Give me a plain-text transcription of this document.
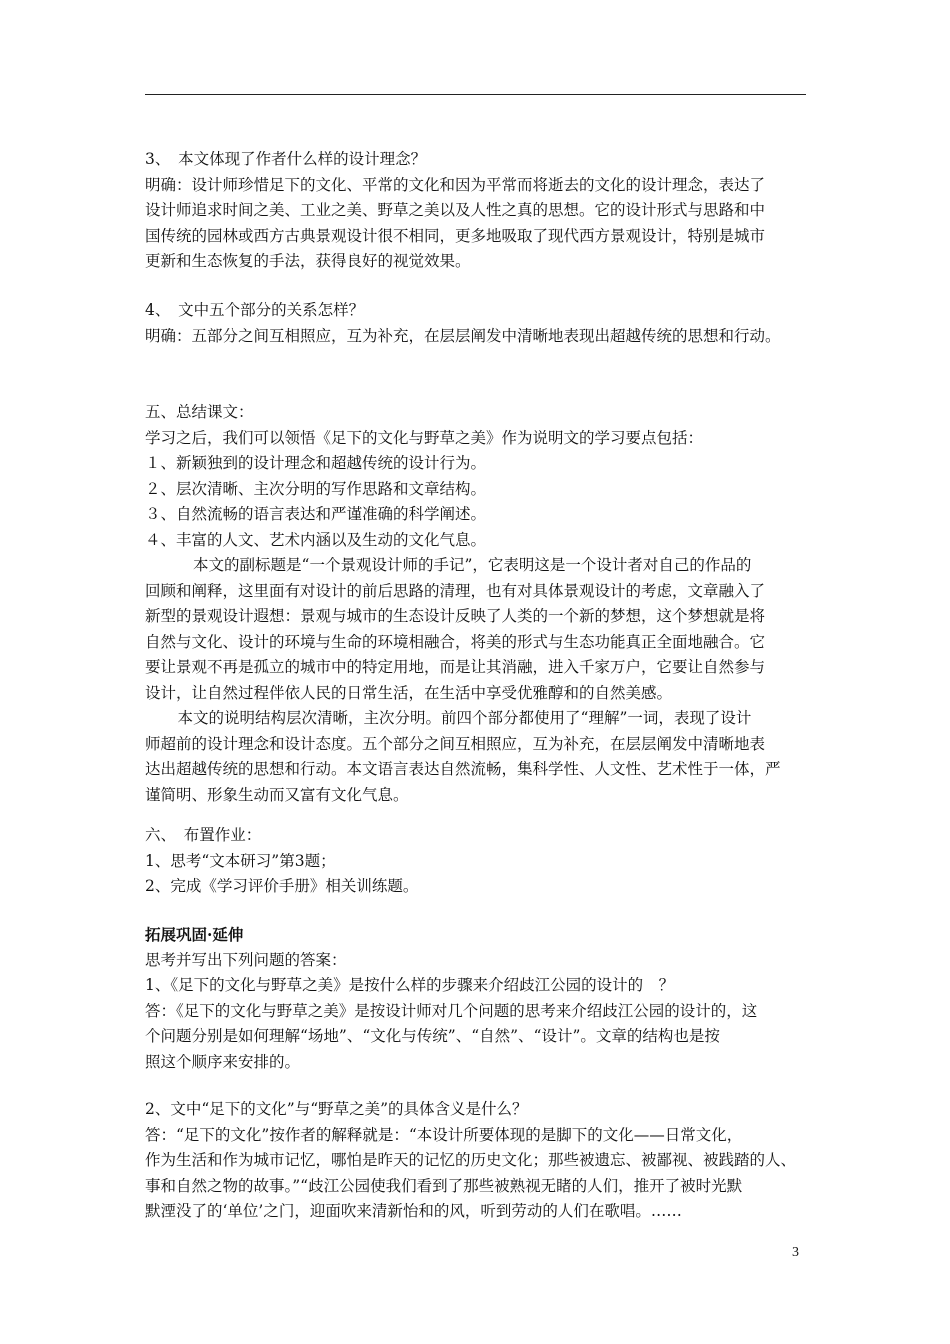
3、　本文体现了作者什么样的设计理念？
明确：设计师珍惜足下的文化、平常的文化和因为平常而将逝去的文化的设计理念，表达了
设计师追求时间之美、工业之美、野草之美以及人性之真的思想。它的设计形式与思路和中
国传统的园林或西方古典景观设计很不相同，更多地吸取了现代西方景观设计，特别是城市
更新和生态恢复的手法，获得良好的视觉效果。
4、　文中五个部分的关系怎样？
明确：五部分之间互相照应，互为补充，在层层阐发中清晰地表现出超越传统的思想和行动。
五、总结课文：
学习之后，我们可以领悟《足下的文化与野草之美》作为说明文的学习要点包括：
１、新颖独到的设计理念和超越传统的设计行为。
２、层次清晰、主次分明的写作思路和文章结构。
３、自然流畅的语言表达和严谨准确的科学阐述。
４、丰富的人文、艺术内涵以及生动的文化气息。
　本文的副标题是“一个景观设计师的手记”，它表明这是一个设计者对自己的作品的
回顾和阐释，这里面有对设计的前后思路的清理，也有对具体景观设计的考虑，文章融入了
新型的景观设计遐想：景观与城市的生态设计反映了人类的一个新的梦想，这个梦想就是将
自然与文化、设计的环境与生命的环境相融合，将美的形式与生态功能真正全面地融合。它
要让景观不再是孤立的城市中的特定用地，而是让其消融，进入千家万户，它要让自然参与
设计，让自然过程伴依人民的日常生活，在生活中享受优雅醇和的自然美感。
本文的说明结构层次清晰，主次分明。前四个部分都使用了“理解”一词，表现了设计
师超前的设计理念和设计态度。五个部分之间互相照应，互为补充，在层层阐发中清晰地表
达出超越传统的思想和行动。本文语言表达自然流畅，集科学性、人文性、艺术性于一体，严
谨简明、形象生动而又富有文化气息。
六、　布置作业：
1、思考“文本研习”第3题；
2、完成《学习评价手册》相关训练题。
拓展巩固·延伸
思考并写出下列问题的答案：
1、《足下的文化与野草之美》是按什么样的步骤来介绍歧江公园的设计的　？
答：《足下的文化与野草之美》是按设计师对几个问题的思考来介绍歧江公园的设计的，这
个问题分别是如何理解“场地”、“文化与传统”、“自然”、“设计”。文章的结构也是按
照这个顺序来安排的。
2、文中“足下的文化”与“野草之美”的具体含义是什么？
答：“足下的文化”按作者的解释就是：“本设计所要体现的是脚下的文化——日常文化，
作为生活和作为城市记忆，哪怕是昨天的记忆的历史文化；那些被遗忘、被鄙视、被践踏的人、
事和自然之物的故事。”“歧江公园使我们看到了那些被熟视无睹的人们，推开了被时光默
默湮没了的‘单位’之门，迎面吹来清新怡和的风，听到劳动的人们在歌唱。……
3
